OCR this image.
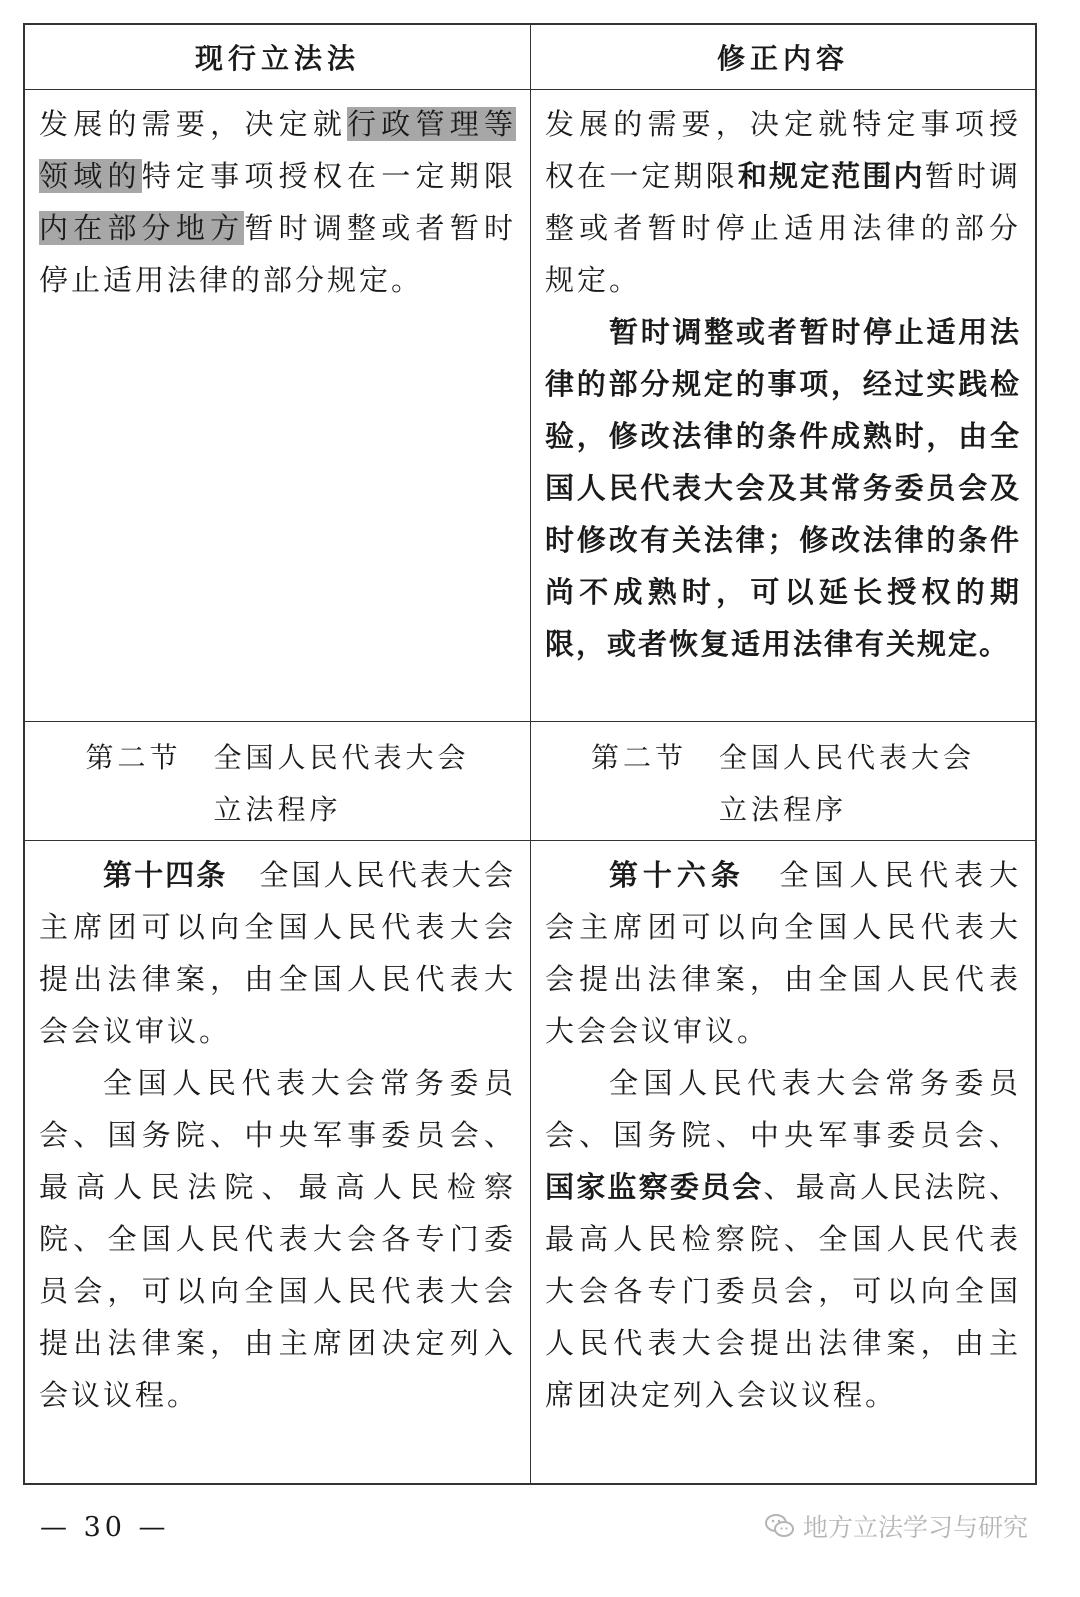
现行立法法	修正内容

发展的需要，决定就行政管理等领域的特定事项授权在一定期限内在部分地方暂时调整或者暂时停止适用法律的部分规定。

发展的需要，决定就特定事项授权在一定期限和规定范围内暂时调整或者暂时停止适用法律的部分规定。

暂时调整或者暂时停止适用法律的部分规定的事项，经过实践检验，修改法律的条件成熟时，由全国人民代表大会及其常务委员会及时修改有关法律；修改法律的条件尚不成熟时，可以延长授权的期限，或者恢复适用法律有关规定。

第二节　全国人民代表大会
立法程序
第二节　全国人民代表大会
立法程序

第十四条　全国人民代表大会主席团可以向全国人民代表大会提出法律案，由全国人民代表大会会议审议。

全国人民代表大会常务委员会、国务院、中央军事委员会、最高人民法院、最高人民检察院、全国人民代表大会各专门委员会，可以向全国人民代表大会提出法律案，由主席团决定列入会议议程。

第十六条　全国人民代表大会主席团可以向全国人民代表大会提出法律案，由全国人民代表大会会议审议。

全国人民代表大会常务委员会、国务院、中央军事委员会、国家监察委员会、最高人民法院、最高人民检察院、全国人民代表大会各专门委员会，可以向全国人民代表大会提出法律案，由主席团决定列入会议议程。

— 30 —	地方立法学习与研究
